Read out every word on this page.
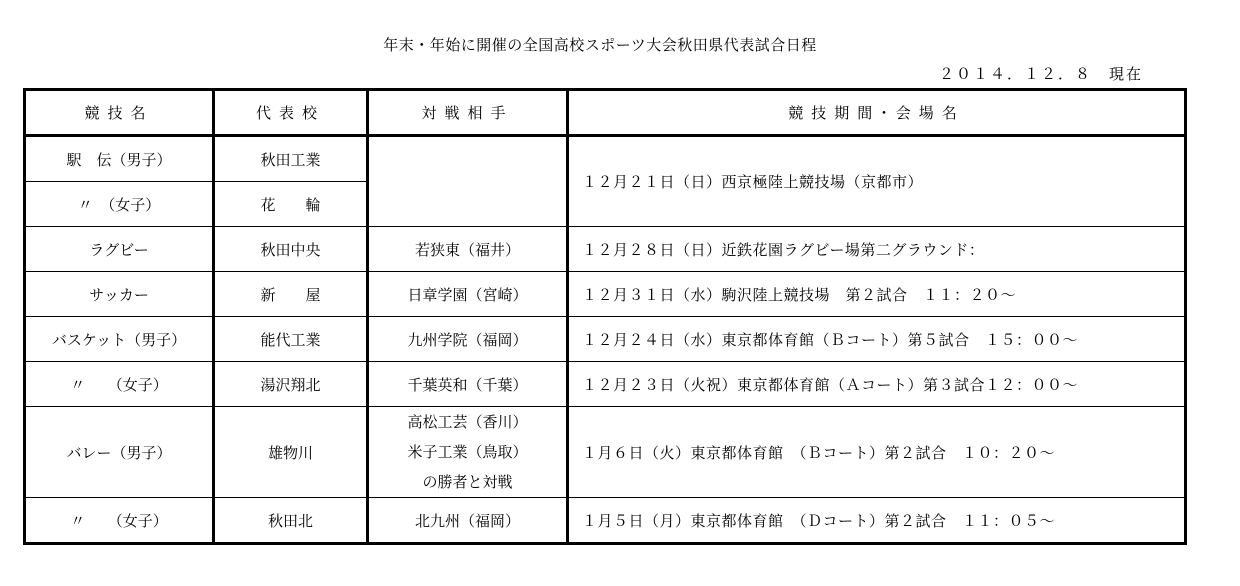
年末・年始に開催の全国高校スポーツ大会秋田県代表試合日程
２０１４．１２．８　現在
競技名	代表校	対戦相手	競技期間･会場名
駅　伝（男子）	秋田工業		１２月２１日（日）西京極陸上競技場（京都市）
〃　（女子）	花　　輪		
ラグビー	秋田中央	若狭東（福井）	１２月２８日（日）近鉄花園ラグビー場第二グラウンド：
サッカー	新　　屋	日章学園（宮崎）	１２月３１日（水）駒沢陸上競技場　第２試合　１１：２０～
バスケット（男子）	能代工業	九州学院（福岡）	１２月２４日（水）東京都体育館（Ｂコート）第５試合　１５：００～
〃　　（女子）	湯沢翔北	千葉英和（千葉）	１２月２３日（火祝）東京都体育館（Ａコート）第３試合１２：００～
バレー（男子）	雄物川	高松工芸（香川）
米子工業（鳥取）
の勝者と対戦	１月６日（火）東京都体育館　（Ｂコート）第２試合　１０：２０～
〃　　（女子）	秋田北	北九州（福岡）	１月５日（月）東京都体育館　（Ｄコート）第２試合　１１：０５～
